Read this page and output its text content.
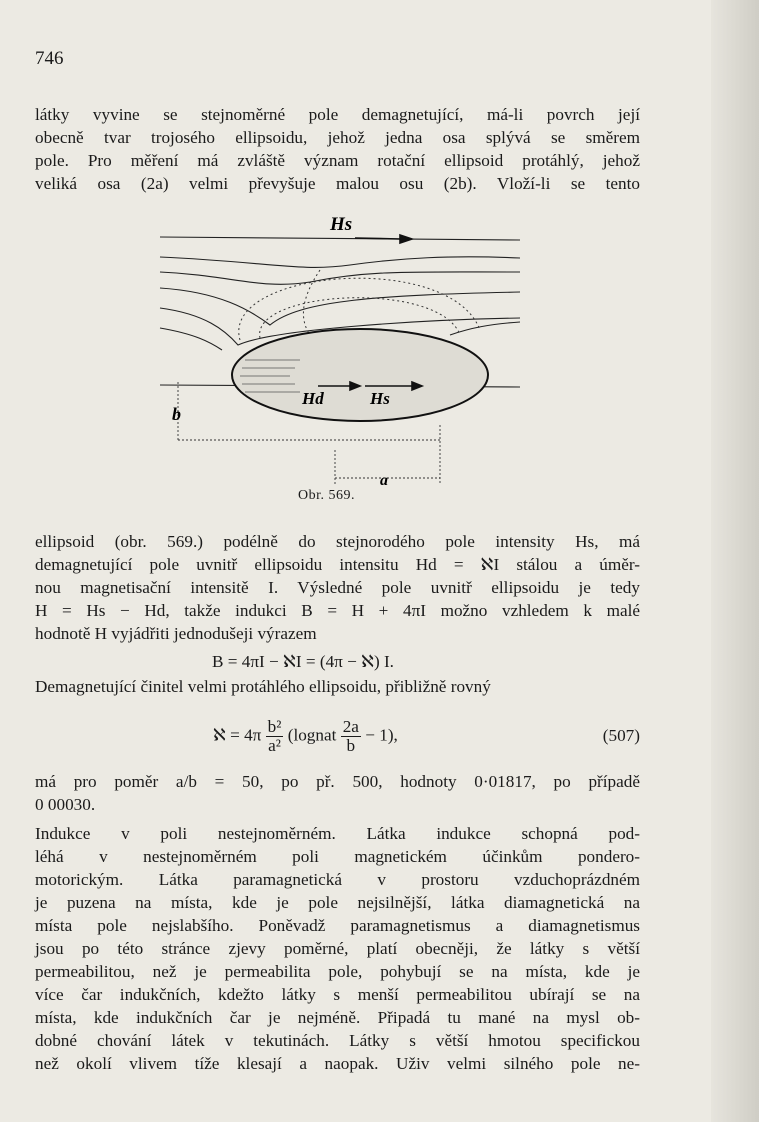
746
látky vyvine se stejnoměrné pole demagnetující, má-li povrch její
obecně tvar trojosého ellipsoidu, jehož jedna osa splývá se směrem
pole. Pro měření má zvláště význam rotační ellipsoid protáhlý, jehož
veliká osa (2a) velmi převyšuje malou osu (2b). Vloží-li se tento
Hs
Hd	Hs
b
a
Obr. 569.
ellipsoid (obr. 569.) podélně do stejnorodého pole intensity Hs, má
demagnetující pole uvnitř ellipsoidu intensitu Hd = ℵI stálou a úměr-
nou magnetisační intensitě I. Výsledné pole uvnitř ellipsoidu je tedy
H = Hs − Hd, takže indukci B = H + 4πI možno vzhledem k malé
hodnotě H vyjádřiti jednodušeji výrazem
B = 4πI − ℵI = (4π − ℵ) I.
Demagnetující činitel velmi protáhlého ellipsoidu, přibližně rovný
ℵ = $4\pi \frac{\text{b²}}{\text{a²}}$ (lognat $\frac{2a}{b} - 1$),	(507)
má pro poměr a/b = 50, po př. 500, hodnoty 0·01817, po případě
0 00030.
Indukce v poli nestejnoměrném. Látka indukce schopná pod-
léhá v nestejnoměrném poli magnetickém účinkům pondero-
motorickým. Látka paramagnetická v prostoru vzduchoprázdném
je puzena na místa, kde je pole nejsilnější, látka diamagnetická na
místa pole nejslabšího. Poněvadž paramagnetismus a diamagnetismus
jsou po této stránce zjevy poměrné, platí obecněji, že látky s větší
permeabilitou, než je permeabilita pole, pohybují se na místa, kde je
více čar indukčních, kdežto látky s menší permeabilitou ubírají se na
místa, kde indukčních čar je nejméně. Připadá tu mané na mysl ob-
dobné chování látek v tekutinách. Látky s větší hmotou specifickou
než okolí vlivem tíže klesají a naopak. Uživ velmi silného pole ne-
